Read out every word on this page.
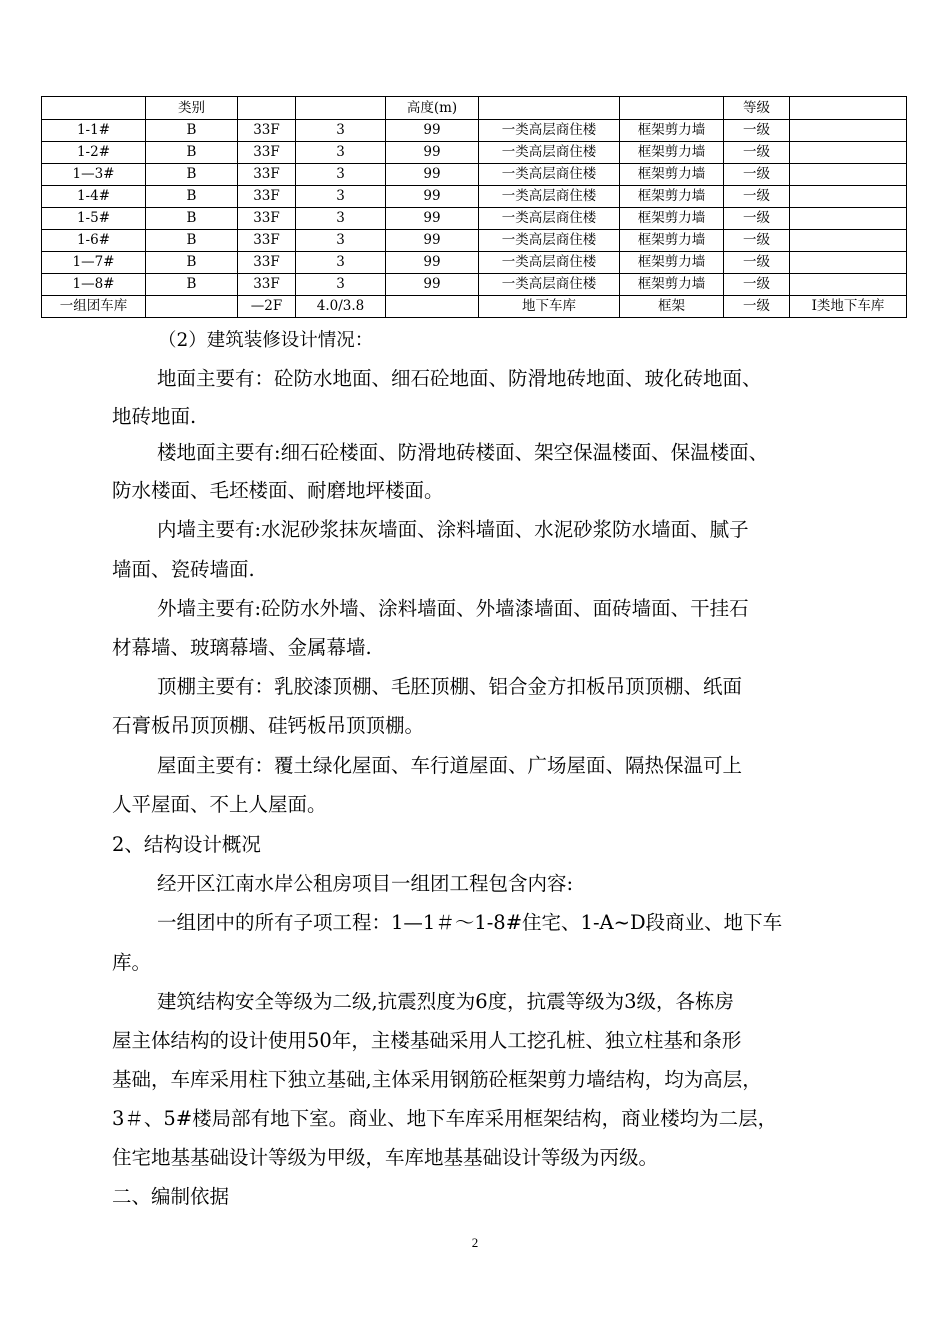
	类别			高度(m)			等级	
1-1#	B	33F	3	99	一类高层商住楼	框架剪力墙	一级	
1-2#	B	33F	3	99	一类高层商住楼	框架剪力墙	一级	
1—3#	B	33F	3	99	一类高层商住楼	框架剪力墙	一级	
1-4#	B	33F	3	99	一类高层商住楼	框架剪力墙	一级	
1-5#	B	33F	3	99	一类高层商住楼	框架剪力墙	一级	
1-6#	B	33F	3	99	一类高层商住楼	框架剪力墙	一级	
1—7#	B	33F	3	99	一类高层商住楼	框架剪力墙	一级	
1—8#	B	33F	3	99	一类高层商住楼	框架剪力墙	一级	
一组团车库		—2F	4.0/3.8		地下车库	框架	一级	I类地下车库
（2）建筑装修设计情况：
地面主要有：砼防水地面、细石砼地面、防滑地砖地面、玻化砖地面、
地砖地面.
楼地面主要有:细石砼楼面、防滑地砖楼面、架空保温楼面、保温楼面、
防水楼面、毛坯楼面、耐磨地坪楼面。
内墙主要有:水泥砂浆抹灰墙面、涂料墙面、水泥砂浆防水墙面、腻子
墙面、瓷砖墙面.
外墙主要有:砼防水外墙、涂料墙面、外墙漆墙面、面砖墙面、干挂石
材幕墙、玻璃幕墙、金属幕墙.
顶棚主要有：乳胶漆顶棚、毛胚顶棚、铝合金方扣板吊顶顶棚、纸面
石膏板吊顶顶棚、硅钙板吊顶顶棚。
屋面主要有：覆土绿化屋面、车行道屋面、广场屋面、隔热保温可上
人平屋面、不上人屋面。
2、结构设计概况
经开区江南水岸公租房项目一组团工程包含内容:
一组团中的所有子项工程：1—1＃～1-8#住宅、1-A~D段商业、地下车
库。
建筑结构安全等级为二级,抗震烈度为6度，抗震等级为3级，各栋房
屋主体结构的设计使用50年，主楼基础采用人工挖孔桩、独立柱基和条形
基础，车库采用柱下独立基础,主体采用钢筋砼框架剪力墙结构，均为高层，
3＃、5#楼局部有地下室。商业、地下车库采用框架结构，商业楼均为二层，
住宅地基基础设计等级为甲级，车库地基基础设计等级为丙级。
二、编制依据
2
